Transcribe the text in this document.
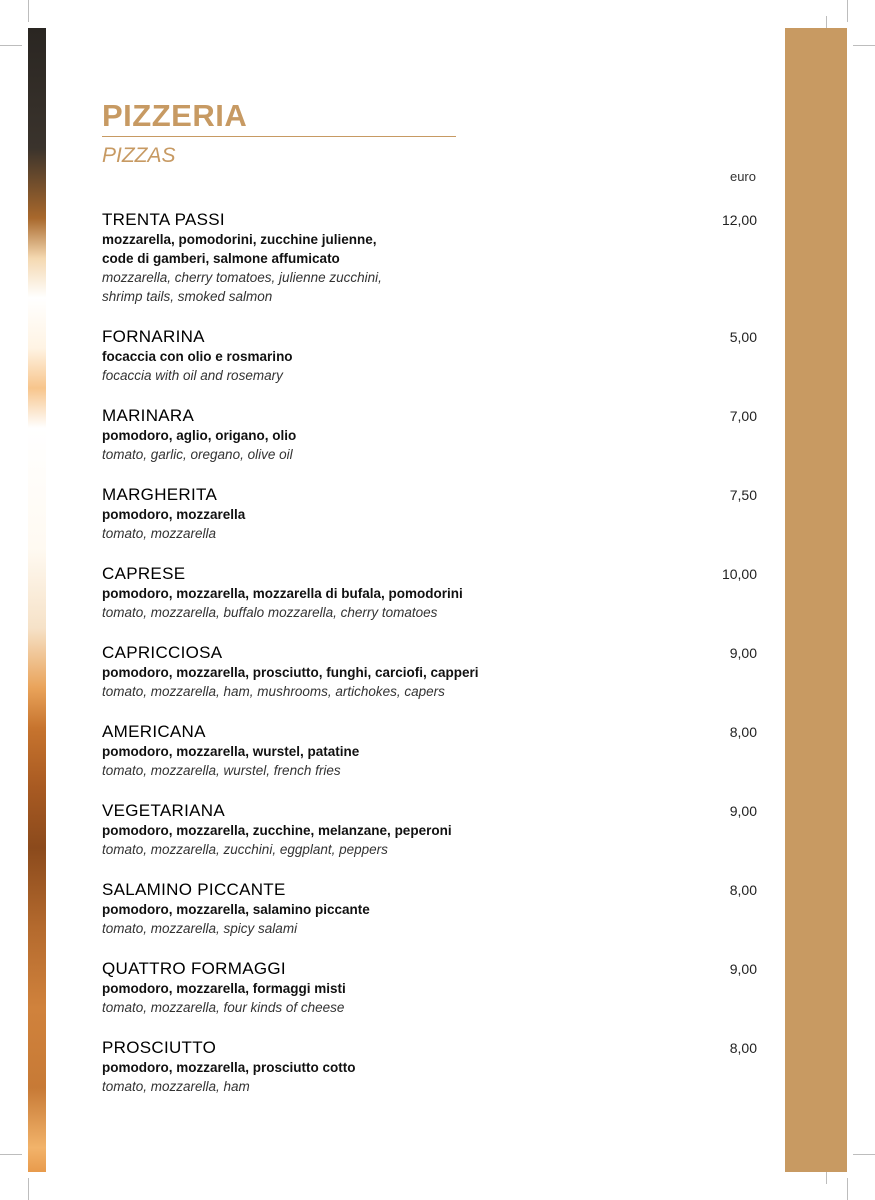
PIZZERIA
PIZZAS
euro
TRENTA PASSI	12,00
mozzarella, pomodorini, zucchine julienne,
code di gamberi, salmone affumicato
mozzarella, cherry tomatoes, julienne zucchini,
shrimp tails, smoked salmon
FORNARINA	5,00
focaccia con olio e rosmarino
focaccia with oil and rosemary
MARINARA	7,00
pomodoro, aglio, origano, olio
tomato, garlic, oregano, olive oil
MARGHERITA	7,50
pomodoro, mozzarella
tomato, mozzarella
CAPRESE	10,00
pomodoro, mozzarella, mozzarella di bufala, pomodorini
tomato, mozzarella, buffalo mozzarella, cherry tomatoes
CAPRICCIOSA	9,00
pomodoro, mozzarella, prosciutto, funghi, carciofi, capperi
tomato, mozzarella, ham, mushrooms, artichokes, capers
AMERICANA	8,00
pomodoro, mozzarella, wurstel, patatine
tomato, mozzarella, wurstel, french fries
VEGETARIANA	9,00
pomodoro, mozzarella, zucchine, melanzane, peperoni
tomato, mozzarella, zucchini, eggplant, peppers
SALAMINO PICCANTE	8,00
pomodoro, mozzarella, salamino piccante
tomato, mozzarella, spicy salami
QUATTRO FORMAGGI	9,00
pomodoro, mozzarella, formaggi misti
tomato, mozzarella, four kinds of cheese
PROSCIUTTO	8,00
pomodoro, mozzarella, prosciutto cotto
tomato, mozzarella, ham
